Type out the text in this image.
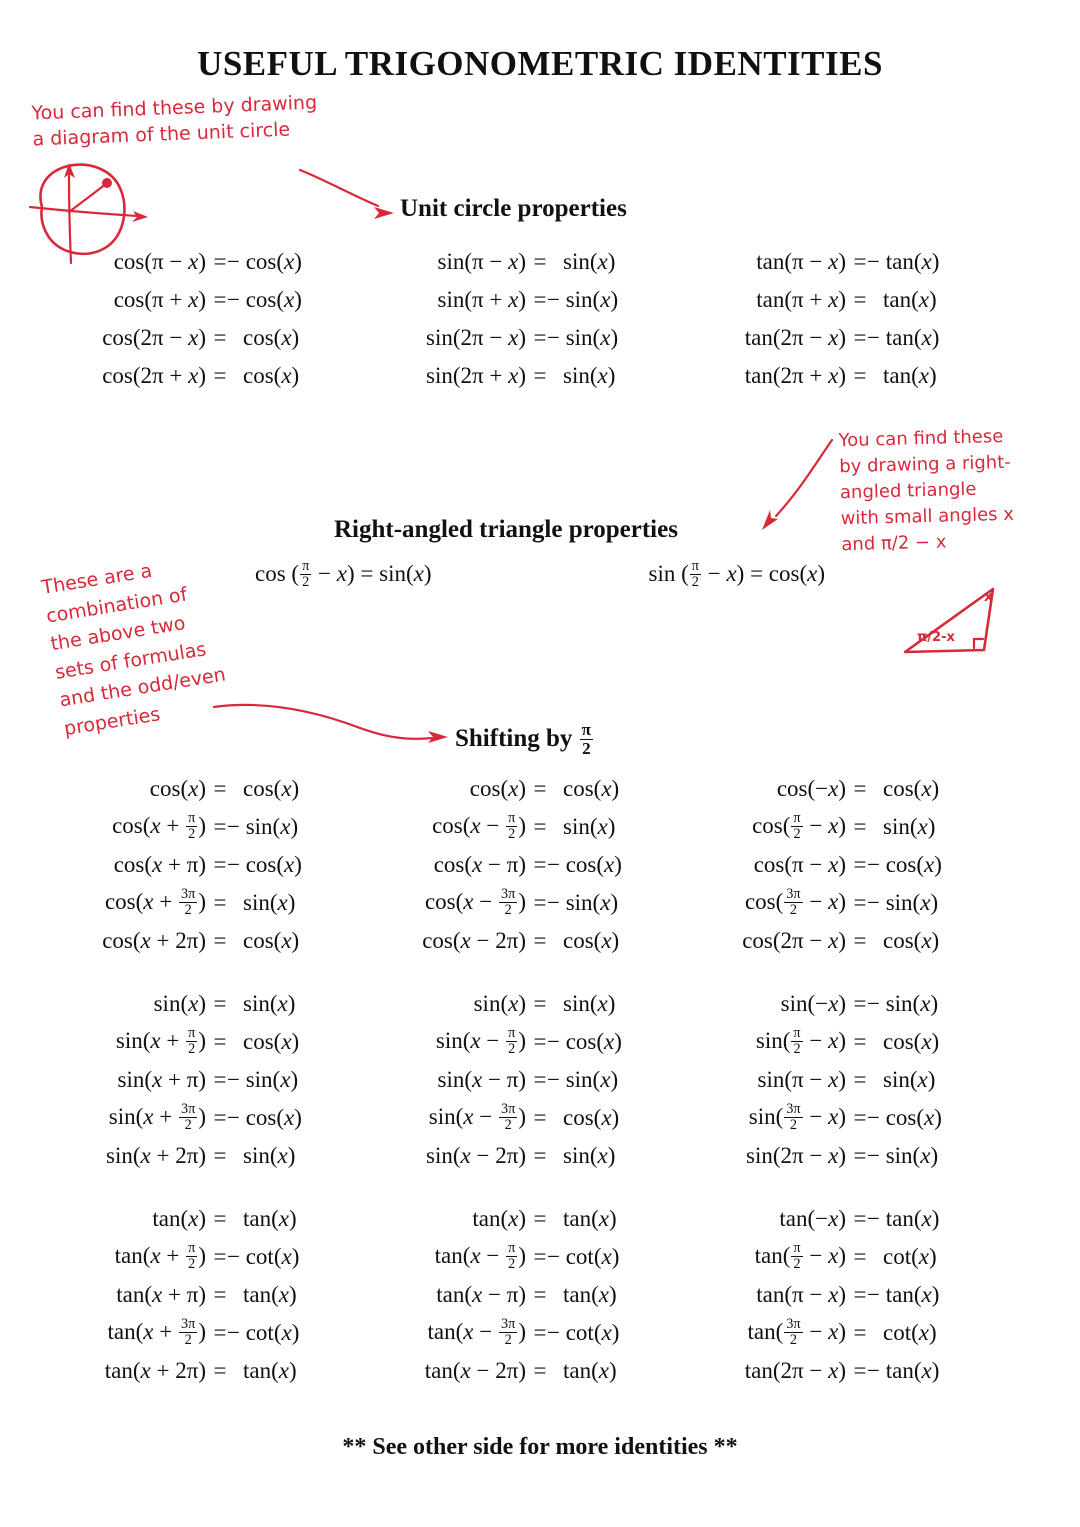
USEFUL TRIGONOMETRIC IDENTITIES
Unit circle properties
Right-angled triangle properties
Shifting by $\frac{\pi}{2}$
cos(π − x) = − cos(x)	sin(π − x) = sin(x)	tan(π − x) = − tan(x)
cos(π + x) = − cos(x)	sin(π + x) = − sin(x)	tan(π + x) = tan(x)
cos(2π − x) = cos(x)	sin(2π − x) = − sin(x)	tan(2π − x) = − tan(x)
cos(2π + x) = cos(x)	sin(2π + x) = sin(x)	tan(2π + x) = tan(x)
cos ( $\frac{\pi}{2} - x) = \sin(x)$	sin ( $\frac{\pi}{2} - x) = \cos(x)$
cos(x) = cos(x)	cos(x) = cos(x)	cos(−x) = cos(x)
$\cos(x + \frac{\pi}{2}$ ) = − sin(x)	$\cos(x - \frac{\pi}{2}$ ) = sin(x)	$\cos( \frac{\pi}{2} - x) = \sin(x)$
cos(x + π) = − cos(x)	cos(x − π) = − cos(x)	cos(π − x) = − cos(x)
$\cos(x + \frac{3\pi}{2}$ ) = sin(x)	$\cos(x - \frac{3\pi}{2}$ ) = − sin(x)	$\cos( \frac{3\pi}{2} - x)$ = − sin(x)
cos(x + 2π) = cos(x)	cos(x − 2π) = cos(x)	cos(2π − x) = cos(x)
sin(x) = sin(x)	sin(x) = sin(x)	sin(−x) = − sin(x)
$\sin(x + \frac{\pi}{2}$ ) = cos(x)	$\sin(x - \frac{\pi}{2}$ ) = − cos(x)	$\sin( \frac{\pi}{2} - x) = \cos(x)$
sin(x + π) = − sin(x)	sin(x − π) = − sin(x)	sin(π − x) = sin(x)
$\sin(x + \frac{3\pi}{2}$ ) = − cos(x)	$\sin(x - \frac{3\pi}{2}$ ) = cos(x)	$\sin( \frac{3\pi}{2} - x)$ = − cos(x)
sin(x + 2π) = sin(x)	sin(x − 2π) = sin(x)	sin(2π − x) = − sin(x)
tan(x) = tan(x)	tan(x) = tan(x)	tan(−x) = − tan(x)
$\tan(x + \frac{\pi}{2}$ ) = − cot(x)	$\tan(x - \frac{\pi}{2}$ ) = − cot(x)	$\tan( \frac{\pi}{2} - x) = \cot(x)$
tan(x + π) = tan(x)	tan(x − π) = tan(x)	tan(π − x) = − tan(x)
$\tan(x + \frac{3\pi}{2}$ ) = − cot(x)	$\tan(x - \frac{3\pi}{2}$ ) = − cot(x)	$\tan( \frac{3\pi}{2} - x) = \cot(x)$
tan(x + 2π) = tan(x)	tan(x − 2π) = tan(x)	tan(2π − x) = − tan(x)
** See other side for more identities **
You can find these by drawing
a diagram of the unit circle
You can find these
by drawing a right-
angled triangle
with small angles x
and π/2 − x
These are a
combination of
the above two
sets of formulas
and the odd/even
properties
x
π/2-x
